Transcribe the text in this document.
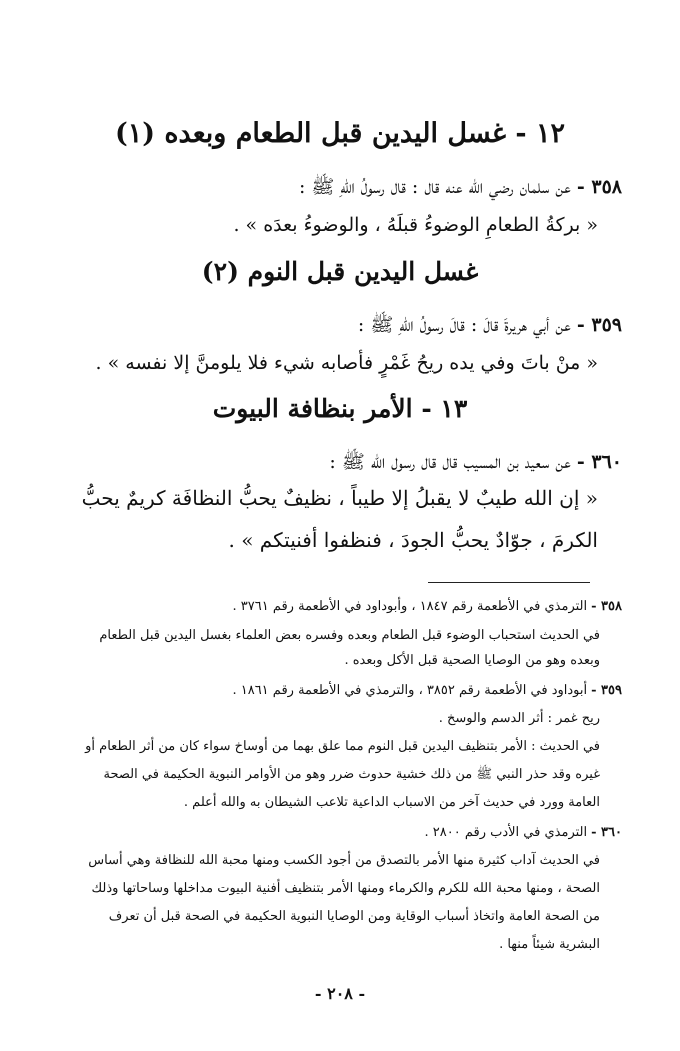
١٢ - غسل اليدين قبل الطعام وبعده (١)
٣٥٨ -عن سلمان رضي الله عنه قال : قال رسولُ اللهِ ﷺ :
« بركةُ الطعامِ الوضوءُ قبلَهُ ، والوضوءُ بعدَه » .
غسل اليدين قبل النوم (٢)
٣٥٩ -عن أبي هريرةَ قالَ : قالَ رسولُ اللهِ ﷺ :
« منْ باتَ وفي يده ريحُ غَمْرٍ فأصابه شيء فلا يلومنَّ إلا نفسه » .
١٣ - الأمر بنظافة البيوت
٣٦٠ -عن سعيد بن المسيب قال قال رسول الله ﷺ :
« إن الله طيبٌ لا يقبلُ إلا طيباً ، نظيفٌ يحبُّ النظافَة كريمٌ يحبُّ
الكرمَ ، جوّادٌ يحبُّ الجودَ ، فنظفوا أفنيتكم » .
٣٥٨ -الترمذي في الأطعمة رقم ١٨٤٧ ، وأبوداود في الأطعمة رقم ٣٧٦١ .
في الحديث استحباب الوضوء قبل الطعام وبعده وفسره بعض العلماء بغسل اليدين قبل الطعام
وبعده وهو من الوصايا الصحية قبل الأكل وبعده .
٣٥٩ -أبوداود في الأطعمة رقم ٣٨٥٢ ، والترمذي في الأطعمة رقم ١٨٦١ .
ريح غمر : أثر الدسم والوسخ .
في الحديث : الأمر بتنظيف اليدين قبل النوم مما علق بهما من أوساخ سواء كان من أثر الطعام أو
غيره وقد حذر النبي ﷺ من ذلك خشية حدوث ضرر وهو من الأوامر النبوية الحكيمة في الصحة
العامة وورد في حديث آخر من الاسباب الداعية تلاعب الشيطان به والله أعلم .
٣٦٠ -الترمذي في الأدب رقم ٢٨٠٠ .
في الحديث آداب كثيرة منها الأمر بالتصدق من أجود الكسب ومنها محبة الله للنظافة وهي أساس
الصحة ، ومنها محبة الله للكرم والكرماء ومنها الأمر بتنظيف أفنية البيوت مداخلها وساحاتها وذلك
من الصحة العامة واتخاذ أسباب الوقاية ومن الوصايا النبوية الحكيمة في الصحة قبل أن تعرف
البشرية شيئاً منها .
- ٢٠٨ -
